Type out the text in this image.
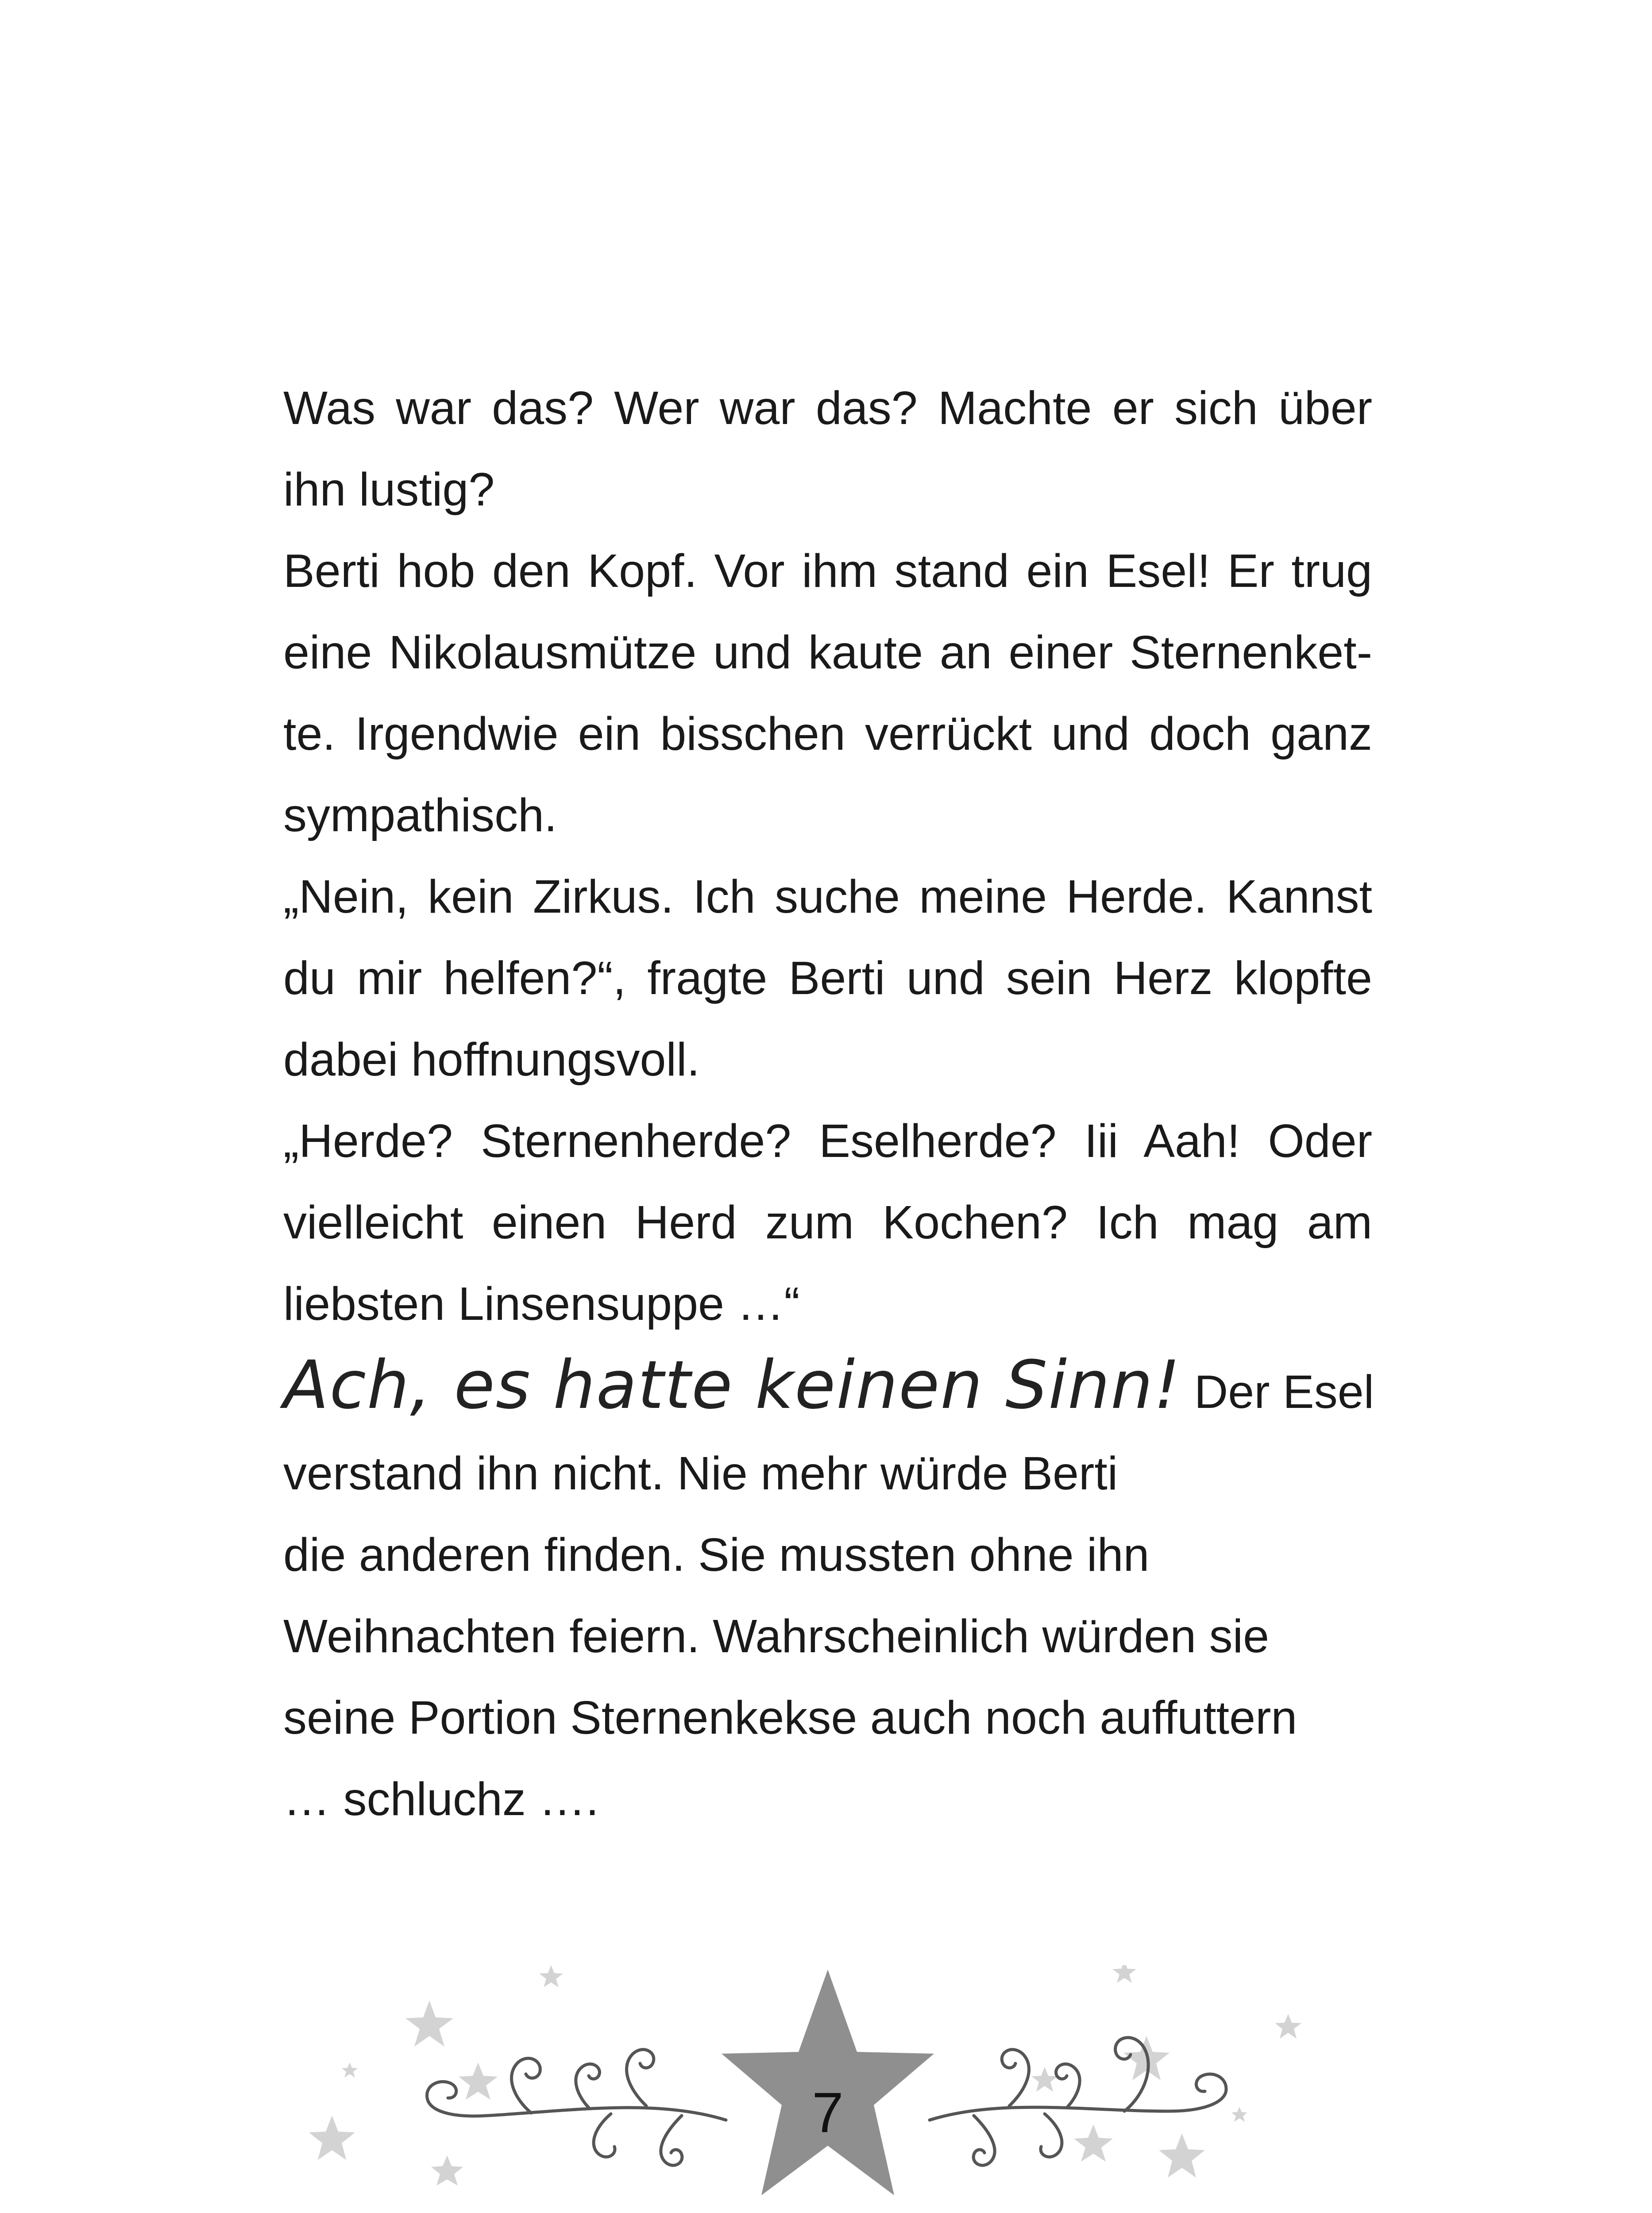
Was war das? Wer war das? Machte er sich über ihn lustig?

Berti hob den Kopf. Vor ihm stand ein Esel! Er trug eine Nikolausmütze und kaute an einer Sternenket-te. Irgendwie ein bisschen verrückt und doch ganz sympathisch.

„Nein, kein Zirkus. Ich suche meine Herde. Kannst du mir helfen?“, fragte Berti und sein Herz klopfte dabei hoffnungsvoll.

„Herde? Sternenherde? Eselherde? Iii Aah! Oder vielleicht einen Herd zum Kochen? Ich mag am liebsten Linsensuppe …“

Ach, es hatte keinen Sinn! Der Esel
verstand ihn nicht. Nie mehr würde Berti
die anderen finden. Sie mussten ohne ihn
Weihnachten feiern. Wahrscheinlich würden sie
seine Portion Sternenkekse auch noch auffuttern
… schluchz ….
7
